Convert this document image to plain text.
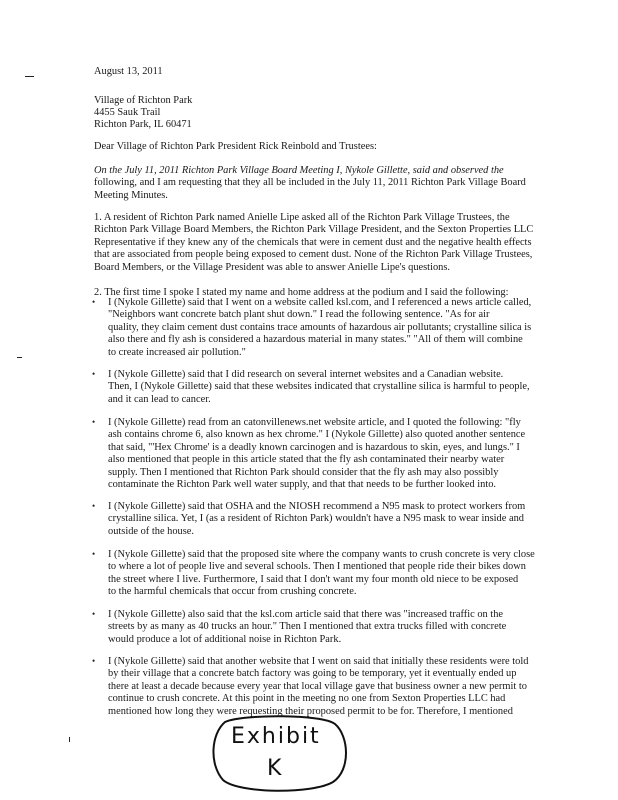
August 13, 2011
Village of Richton Park
4455 Sauk Trail
Richton Park, IL 60471
Dear Village of Richton Park President Rick Reinbold and Trustees:
On the July 11, 2011 Richton Park Village Board Meeting I, Nykole Gillette, said and observed the
following, and I am requesting that they all be included in the July 11, 2011 Richton Park Village Board
Meeting Minutes.
1. A resident of Richton Park named Anielle Lipe asked all of the Richton Park Village Trustees, the
Richton Park Village Board Members, the Richton Park Village President, and the Sexton Properties LLC
Representative if they knew any of the chemicals that were in cement dust and the negative health effects
that are associated from people being exposed to cement dust. None of the Richton Park Village Trustees,
Board Members, or the Village President was able to answer Anielle Lipe's questions.
2. The first time I spoke I stated my name and home address at the podium and I said the following:
• I (Nykole Gillette) said that I went on a website called ksl.com, and I referenced a news article called,
"Neighbors want concrete batch plant shut down." I read the following sentence. "As for air
quality, they claim cement dust contains trace amounts of hazardous air pollutants; crystalline silica is
also there and fly ash is considered a hazardous material in many states." "All of them will combine
to create increased air pollution."
• I (Nykole Gillette) said that I did research on several internet websites and a Canadian website.
Then, I (Nykole Gillette) said that these websites indicated that crystalline silica is harmful to people,
and it can lead to cancer.
• I (Nykole Gillette) read from an catonvillenews.net website article, and I quoted the following: "fly
ash contains chrome 6, also known as hex chrome." I (Nykole Gillette) also quoted another sentence
that said, "'Hex Chrome' is a deadly known carcinogen and is hazardous to skin, eyes, and lungs." I
also mentioned that people in this article stated that the fly ash contaminated their nearby water
supply. Then I mentioned that Richton Park should consider that the fly ash may also possibly
contaminate the Richton Park well water supply, and that that needs to be further looked into.
• I (Nykole Gillette) said that OSHA and the NIOSH recommend a N95 mask to protect workers from
crystalline silica. Yet, I (as a resident of Richton Park) wouldn't have a N95 mask to wear inside and
outside of the house.
• I (Nykole Gillette) said that the proposed site where the company wants to crush concrete is very close
to where a lot of people live and several schools. Then I mentioned that people ride their bikes down
the street where I live. Furthermore, I said that I don't want my four month old niece to be exposed
to the harmful chemicals that occur from crushing concrete.
• I (Nykole Gillette) also said that the ksl.com article said that there was "increased traffic on the
streets by as many as 40 trucks an hour." Then I mentioned that extra trucks filled with concrete
would produce a lot of additional noise in Richton Park.
• I (Nykole Gillette) said that another website that I went on said that initially these residents were told
by their village that a concrete batch factory was going to be temporary, yet it eventually ended up
there at least a decade because every year that local village gave that business owner a new permit to
continue to crush concrete. At this point in the meeting no one from Sexton Properties LLC had
mentioned how long they were requesting their proposed permit to be for. Therefore, I mentioned
Exhibit
K
